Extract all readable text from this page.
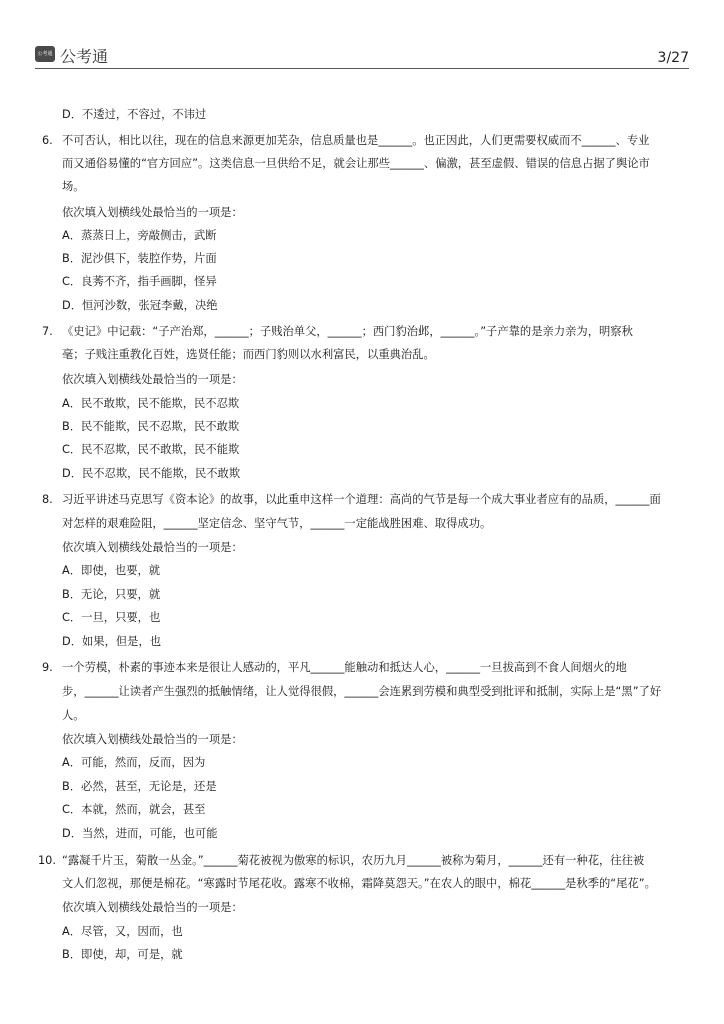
公考通 公考通	3/27
D．不逶过，不容过，不讳过
6. 不可否认，相比以往，现在的信息来源更加芜杂，信息质量也是______。也正因此，人们更需要权威而不______、专业
而又通俗易懂的“官方回应”。这类信息一旦供给不足，就会让那些______、偏激，甚至虚假、错误的信息占据了舆论市
场。
依次填入划横线处最恰当的一项是：
A．蒸蒸日上，旁敲侧击，武断
B．泥沙俱下，装腔作势，片面
C．良莠不齐，指手画脚，怪异
D．恒河沙数，张冠李戴，决绝
7. 《史记》中记载：“子产治郑，______；子贱治单父，______；西门豹治邺，______。”子产靠的是亲力亲为，明察秋
毫；子贱注重教化百姓，选贤任能；而西门豹则以水利富民，以重典治乱。
依次填入划横线处最恰当的一项是：
A．民不敢欺，民不能欺，民不忍欺
B．民不能欺，民不忍欺，民不敢欺
C．民不忍欺，民不敢欺，民不能欺
D．民不忍欺，民不能欺，民不敢欺
8. 习近平讲述马克思写《资本论》的故事，以此重申这样一个道理：高尚的气节是每一个成大事业者应有的品质，______面
对怎样的艰难险阻，______坚定信念、坚守气节，______一定能战胜困难、取得成功。
依次填入划横线处最恰当的一项是：
A．即使，也要，就
B．无论，只要，就
C．一旦，只要，也
D．如果，但是，也
9. 一个劳模，朴素的事迹本来是很让人感动的，平凡______能触动和抵达人心，______一旦拔高到不食人间烟火的地
步，______让读者产生强烈的抵触情绪，让人觉得很假，______会连累到劳模和典型受到批评和抵制，实际上是“黑”了好
人。
依次填入划横线处最恰当的一项是：
A．可能，然而，反而，因为
B．必然，甚至，无论是，还是
C．本就，然而，就会，甚至
D．当然，进而，可能，也可能
10. “露凝千片玉，菊散一丛金。”______菊花被视为傲寒的标识，农历九月______被称为菊月，______还有一种花，往往被
文人们忽视，那便是棉花。“寒露时节尾花收。露寒不收棉，霜降莫怨天。”在农人的眼中，棉花______是秋季的“尾花”。
依次填入划横线处最恰当的一项是：
A．尽管，又，因而，也
B．即使，却，可是，就
